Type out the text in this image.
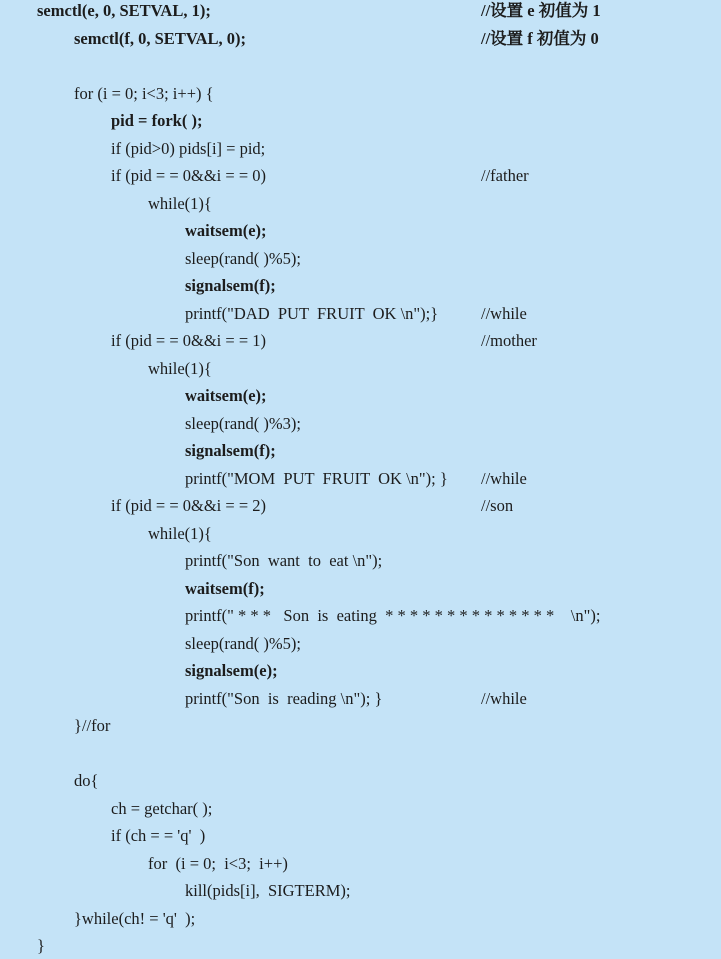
semctl(e, 0, SETVAL, 1);	//设置 e 初值为 1
semctl(f, 0, SETVAL, 0);	//设置 f 初值为 0
for (i = 0; i<3; i++) {
pid = fork( );
if (pid>0) pids[i] = pid;
if (pid = = 0&&i = = 0)	//father
while(1){
waitsem(e);
sleep(rand( )%5);
signalsem(f);
printf("DAD  PUT  FRUIT  OK \n");}	//while
if (pid = = 0&&i = = 1)	//mother
while(1){
waitsem(e);
sleep(rand( )%3);
signalsem(f);
printf("MOM  PUT  FRUIT  OK \n"); } //while
if (pid = = 0&&i = = 2)	//son
while(1){
printf("Son  want  to  eat \n");
waitsem(f);
printf(" * * *   Son  is  eating  * * * * * * * * * * * * * *    \n");
sleep(rand( )%5);
signalsem(e);
printf("Son  is  reading \n"); }	//while
}//for
do{
ch = getchar( );
if (ch = = 'q'  )
for  (i = 0;  i<3;  i++)
kill(pids[i],  SIGTERM);
}while(ch! = 'q'  );
}
